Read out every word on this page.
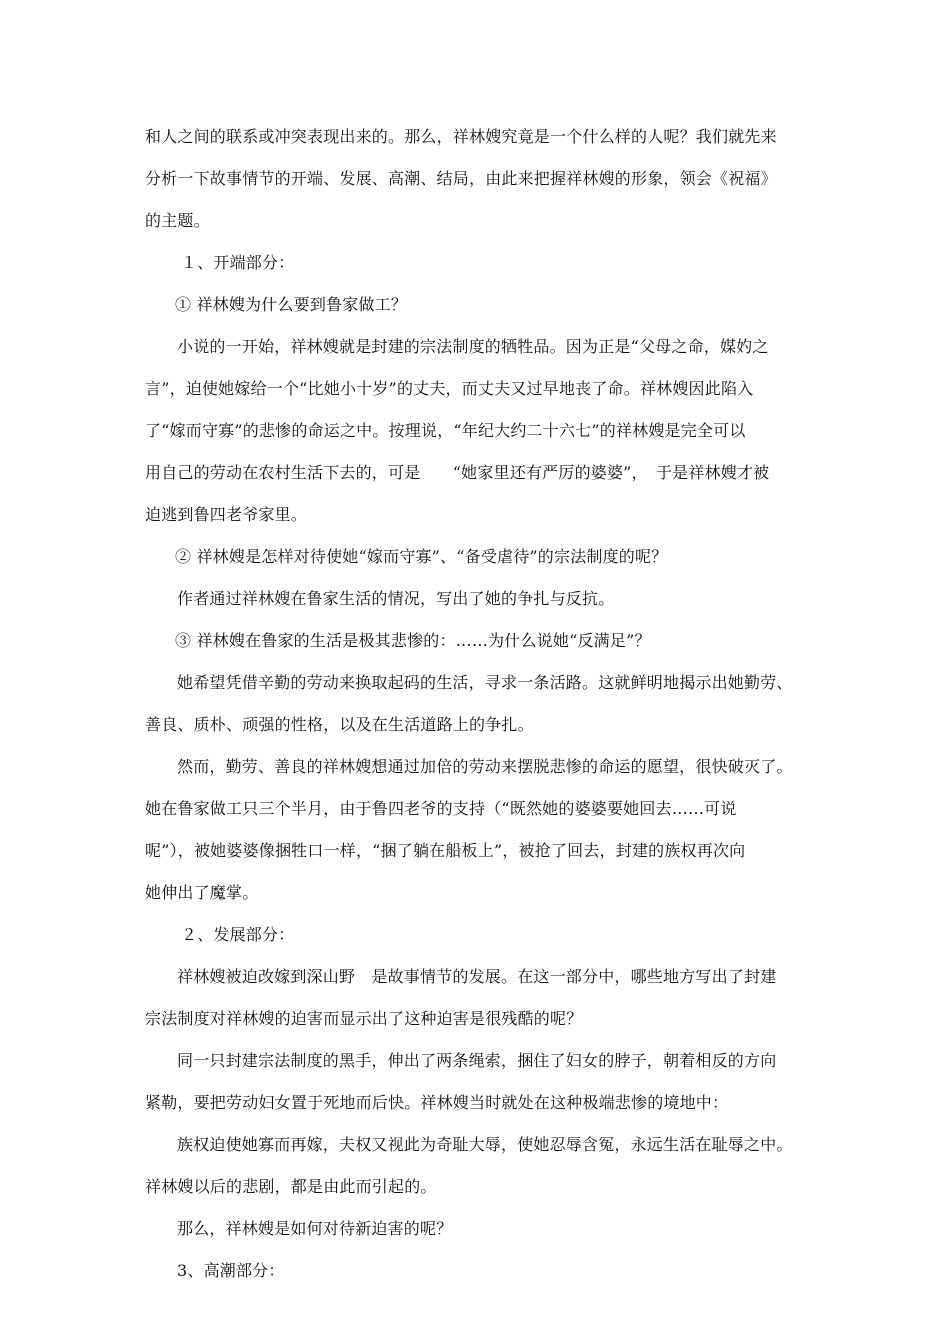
和人之间的联系或冲突表现出来的。那么，祥林嫂究竟是一个什么样的人呢？我们就先来
分析一下故事情节的开端、发展、高潮、结局，由此来把握祥林嫂的形象，领会《祝福》
的主题。
１、开端部分：
① 祥林嫂为什么要到鲁家做工？
小说的一开始，祥林嫂就是封建的宗法制度的牺牲品。因为正是“父母之命，媒妁之
言”，迫使她嫁给一个“比她小十岁”的丈夫，而丈夫又过早地丧了命。祥林嫂因此陷入
了“嫁而守寡”的悲惨的命运之中。按理说，“年纪大约二十六七”的祥林嫂是完全可以
用自己的劳动在农村生活下去的，可是　　“她家里还有严厉的婆婆”，　于是祥林嫂才被
迫逃到鲁四老爷家里。
② 祥林嫂是怎样对待使她“嫁而守寡”、“备受虐待”的宗法制度的呢？
作者通过祥林嫂在鲁家生活的情况，写出了她的争扎与反抗。
③ 祥林嫂在鲁家的生活是极其悲惨的：……为什么说她“反满足”？
她希望凭借辛勤的劳动来换取起码的生活，寻求一条活路。这就鲜明地揭示出她勤劳、
善良、质朴、顽强的性格，以及在生活道路上的争扎。
然而，勤劳、善良的祥林嫂想通过加倍的劳动来摆脱悲惨的命运的愿望，很快破灭了。
她在鲁家做工只三个半月，由于鲁四老爷的支持（“既然她的婆婆要她回去……可说
呢”），被她婆婆像捆牲口一样，“捆了躺在船板上”，被抢了回去，封建的族权再次向
她伸出了魔掌。
２、发展部分：
祥林嫂被迫改嫁到深山野　是故事情节的发展。在这一部分中，哪些地方写出了封建
宗法制度对祥林嫂的迫害而显示出了这种迫害是很残酷的呢？
同一只封建宗法制度的黑手，伸出了两条绳索，捆住了妇女的脖子，朝着相反的方向
紧勒，要把劳动妇女置于死地而后快。祥林嫂当时就处在这种极端悲惨的境地中：
族权迫使她寡而再嫁，夫权又视此为奇耻大辱，使她忍辱含冤，永远生活在耻辱之中。
祥林嫂以后的悲剧，都是由此而引起的。
那么，祥林嫂是如何对待新迫害的呢？
3、高潮部分：
